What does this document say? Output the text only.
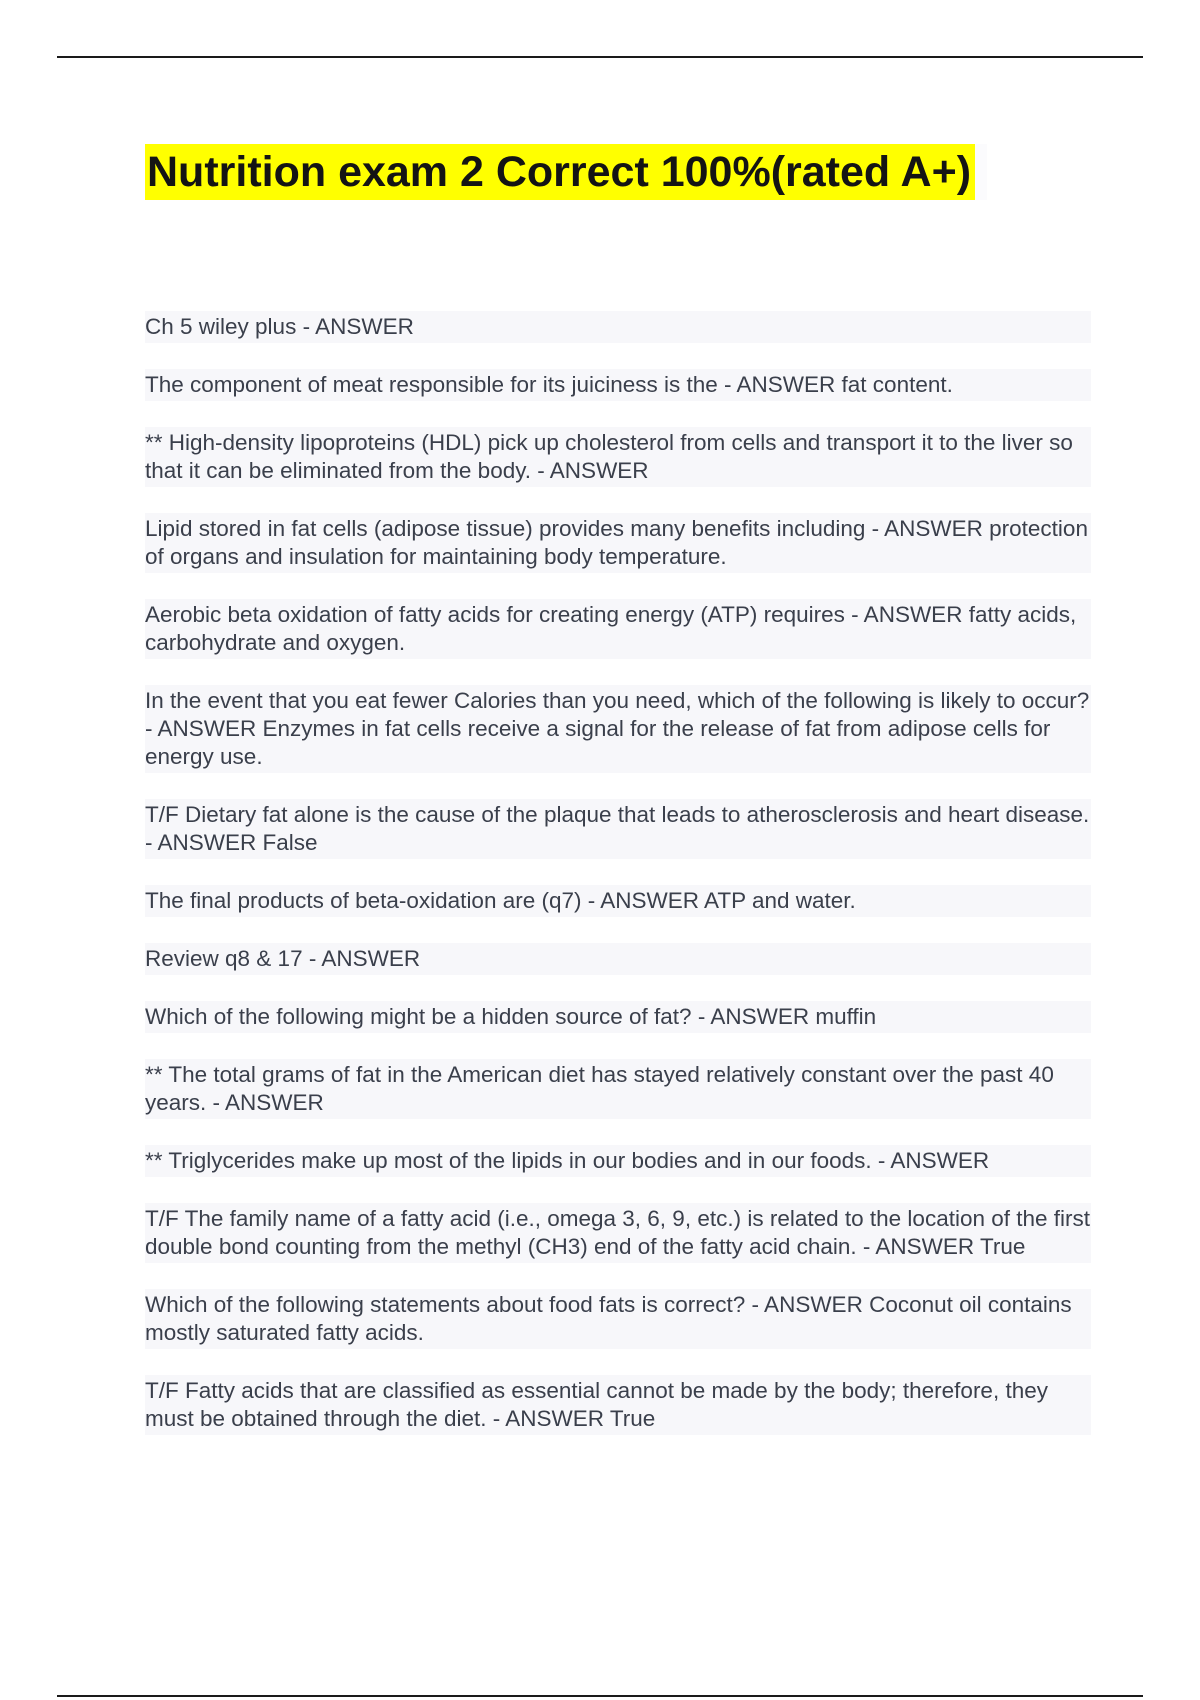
Nutrition exam 2 Correct 100%(rated A+)

Ch 5 wiley plus - ANSWER

The component of meat responsible for its juiciness is the - ANSWER fat content.

** High-density lipoproteins (HDL) pick up cholesterol from cells and transport it to the liver so that it can be eliminated from the body. - ANSWER

Lipid stored in fat cells (adipose tissue) provides many benefits including - ANSWER protection of organs and insulation for maintaining body temperature.

Aerobic beta oxidation of fatty acids for creating energy (ATP) requires - ANSWER fatty acids, carbohydrate and oxygen.

In the event that you eat fewer Calories than you need, which of the following is likely to occur? - ANSWER Enzymes in fat cells receive a signal for the release of fat from adipose cells for energy use.

T/F Dietary fat alone is the cause of the plaque that leads to atherosclerosis and heart disease. - ANSWER False

The final products of beta-oxidation are (q7) - ANSWER ATP and water.

Review q8 & 17 - ANSWER

Which of the following might be a hidden source of fat? - ANSWER muffin

** The total grams of fat in the American diet has stayed relatively constant over the past 40 years. - ANSWER

** Triglycerides make up most of the lipids in our bodies and in our foods. - ANSWER

T/F The family name of a fatty acid (i.e., omega 3, 6, 9, etc.) is related to the location of the first double bond counting from the methyl (CH3) end of the fatty acid chain. - ANSWER True

Which of the following statements about food fats is correct? - ANSWER Coconut oil contains mostly saturated fatty acids.

T/F Fatty acids that are classified as essential cannot be made by the body; therefore, they must be obtained through the diet. - ANSWER True
